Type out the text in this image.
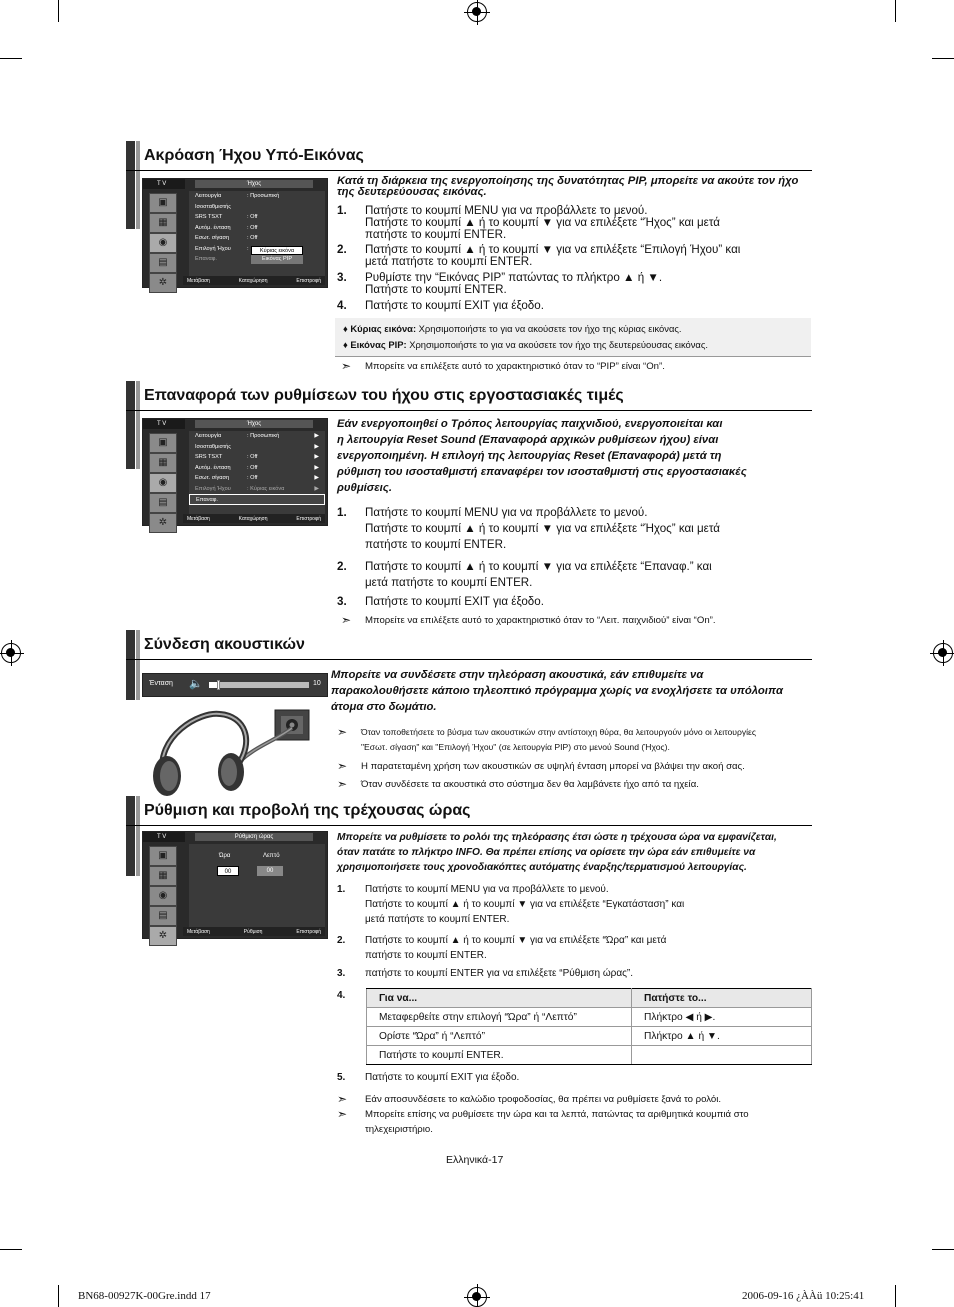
Ακρόαση Ήχου Υπό-Εικόνας
T V	Ήχος
▣
▦
◉
▤
✲
Λειτουργία	: Προσωπική
Ισοσταθμιστής
SRS TSXT	: Off
Αυτόμ. ένταση	: Off
Εσωτ. σίγαση	: Off
Επιλογή Ήχου	:
Επαναφ.
Κύριας εικόνα
Εικόνας PIP
Μετάβαση	Καταχώρηση	Επιστροφή
Κατά τη διάρκεια της ενεργοποίησης της δυνατότητας PIP, μπορείτε να ακούτε τον ήχο της δευτερεύουσας εικόνας.
1. Πατήστε το κουμπί MENU για να προβάλλετε το μενού.
Πατήστε το κουμπί ▲ ή το κουμπί ▼ για να επιλέξετε “Ήχος” και μετά
πατήστε το κουμπί ENTER.
2. Πατήστε το κουμπί ▲ ή το κουμπί ▼ για να επιλέξετε “Επιλογή Ήχου” και
μετά πατήστε το κουμπί ENTER.
3. Ρυθμίστε την “Εικόνας PIP” πατώντας το πλήκτρο ▲ ή ▼.
Πατήστε το κουμπί ENTER.
4. Πατήστε το κουμπί EXIT για έξοδο.
♦ Κύριας εικόνα: Χρησιμοποιήστε το για να ακούσετε τον ήχο της κύριας εικόνας.
♦ Εικόνας PIP: Χρησιμοποιήστε το για να ακούσετε τον ήχο της δευτερεύουσας εικόνας.
➣ Μπορείτε να επιλέξετε αυτό το χαρακτηριστικό όταν το “PIP” είναι “On”.
Επαναφορά των ρυθμίσεων του ήχου στις εργοστασιακές τιμές
T V	Ήχος
▣
▦
◉
▤
✲
Λειτουργία	: Προσωπική	▶
Ισοσταθμιστής	▶
SRS TSXT	: Off	▶
Αυτόμ. ένταση	: Off	▶
Εσωτ. σίγαση	: Off	▶
Επιλογή Ήχου	: Κύριας εικόνα	▶
Επαναφ.
Μετάβαση	Καταχώρηση	Επιστροφή
Εάν ενεργοποιηθεί ο Τρόπος λειτουργίας παιχνιδιού, ενεργοποιείται και
η λειτουργία Reset Sound (Επαναφορά αρχικών ρυθμίσεων ήχου) είναι
ενεργοποιημένη. Η επιλογή της λειτουργίας Reset (Επαναφορά) μετά τη
ρύθμιση του ισοσταθμιστή επαναφέρει τον ισοσταθμιστή στις εργοστασιακές
ρυθμίσεις.
1. Πατήστε το κουμπί MENU για να προβάλλετε το μενού.
Πατήστε το κουμπί ▲ ή το κουμπί ▼ για να επιλέξετε “Ήχος” και μετά
πατήστε το κουμπί ENTER.
2. Πατήστε το κουμπί ▲ ή το κουμπί ▼ για να επιλέξετε “Επαναφ.” και
μετά πατήστε το κουμπί ENTER.
3. Πατήστε το κουμπί EXIT για έξοδο.
➣ Μπορείτε να επιλέξετε αυτό το χαρακτηριστικό όταν το “Λειτ. παιχνιδιού” είναι “On”.
Σύνδεση ακουστικών
Ένταση 🔈	10
Μπορείτε να συνδέσετε στην τηλεόραση ακουστικά, εάν επιθυμείτε να
παρακολουθήσετε κάποιο τηλεοπτικό πρόγραμμα χωρίς να ενοχλήσετε τα υπόλοιπα
άτομα στο δωμάτιο.
➣ Όταν τοποθετήσετε το βύσμα των ακουστικών στην αντίστοιχη θύρα, θα λειτουργούν μόνο οι λειτουργίες
"Εσωτ. σίγαση" και "Επιλογή Ήχου" (σε λειτουργία PIP) στο μενού Sound (Ήχος).
➣ Η παρατεταμένη χρήση των ακουστικών σε υψηλή ένταση μπορεί να βλάψει την ακοή σας.
➣ Όταν συνδέσετε τα ακουστικά στο σύστημα δεν θα λαμβάνετε ήχο από τα ηχεία.
Ρύθμιση και προβολή της τρέχουσας ώρας
T V	Ρύθμιση ώρας
▣
▦
◉
▤
✲
Ώρα	Λεπτό
00	00
Μετάβαση	Ρύθμιση	Επιστροφή
Μπορείτε να ρυθμίσετε το ρολόι της τηλεόρασης έτσι ώστε η τρέχουσα ώρα να εμφανίζεται,
όταν πατάτε το πλήκτρο INFO. Θα πρέπει επίσης να ορίσετε την ώρα εάν επιθυμείτε να
χρησιμοποιήσετε τους χρονοδιακόπτες αυτόματης έναρξης/τερματισμού λειτουργίας.
1. Πατήστε το κουμπί MENU για να προβάλλετε το μενού.
Πατήστε το κουμπί ▲ ή το κουμπί ▼ για να επιλέξετε “Εγκατάσταση” και
μετά πατήστε το κουμπί ENTER.
2. Πατήστε το κουμπί ▲ ή το κουμπί ▼ για να επιλέξετε “Ώρα” και μετά
πατήστε το κουμπί ENTER.
3. πατήστε το κουμπί ENTER για να επιλέξετε “Ρύθμιση ώρας”.
4.	Για να...	Πατήστε το...
Μεταφερθείτε στην επιλογή “Ώρα” ή “Λεπτό”	Πλήκτρο ◀ ή ▶.
Ορίστε “Ώρα” ή “Λεπτό”	Πλήκτρο ▲ ή ▼.
Πατήστε το κουμπί ENTER.	
5. Πατήστε το κουμπί EXIT για έξοδο.
➣ Εάν αποσυνδέσετε το καλώδιο τροφοδοσίας, θα πρέπει να ρυθμίσετε ξανά το ρολόι.
➣ Μπορείτε επίσης να ρυθμίσετε την ώρα και τα λεπτά, πατώντας τα αριθμητικά κουμπιά στο
τηλεχειριστήριο.
Ελληνικά-17
BN68-00927K-00Gre.indd 17	2006-09-16 ¿ÀÀü 10:25:41
